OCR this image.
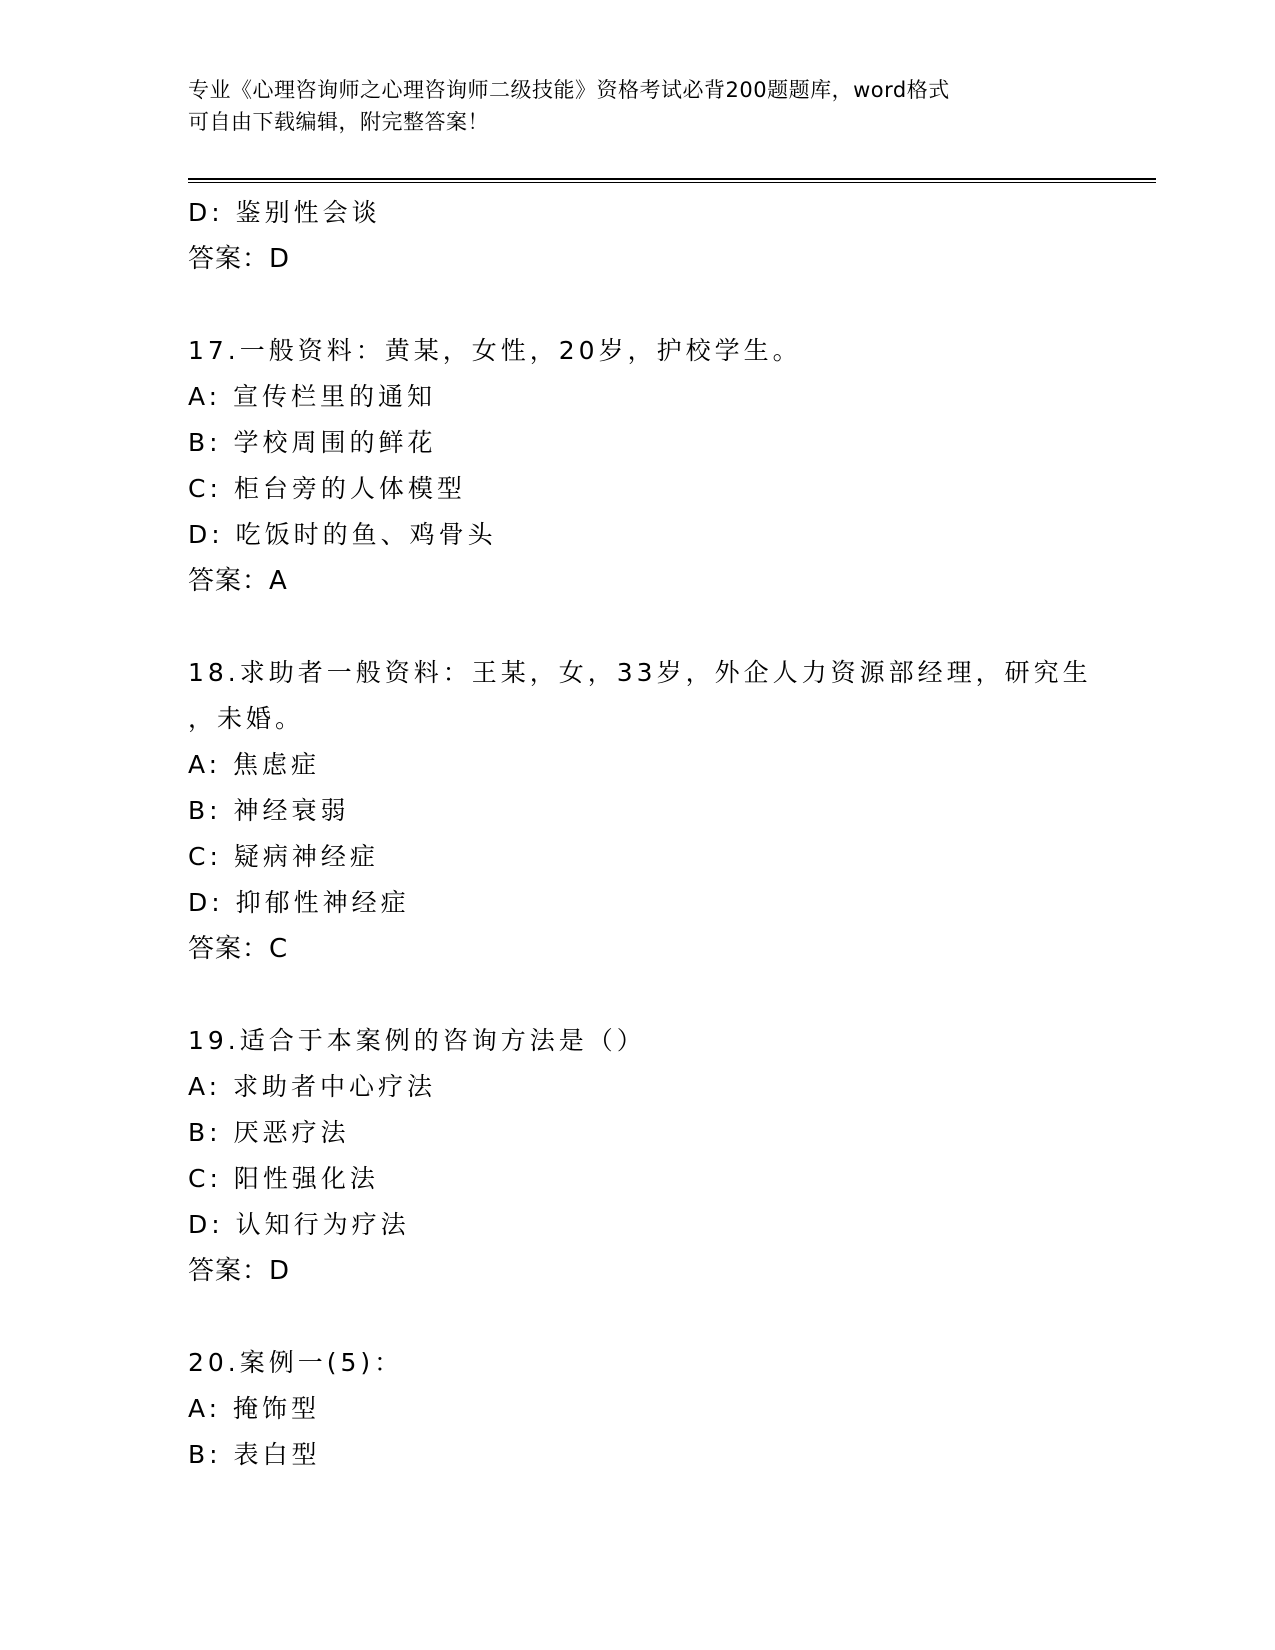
专业《心理咨询师之心理咨询师二级技能》资格考试必背200题题库，word格式
可自由下载编辑，附完整答案！
D: 鉴别性会谈
答案：D
17.一般资料：黄某，女性，20岁，护校学生。
A: 宣传栏里的通知
B: 学校周围的鲜花
C: 柜台旁的人体模型
D: 吃饭时的鱼、鸡骨头
答案：A
18.求助者一般资料：王某，女，33岁，外企人力资源部经理，研究生
，未婚。
A: 焦虑症
B: 神经衰弱
C: 疑病神经症
D: 抑郁性神经症
答案：C
19.适合于本案例的咨询方法是（）
A: 求助者中心疗法
B: 厌恶疗法
C: 阳性强化法
D: 认知行为疗法
答案：D
20.案例一(5)：
A: 掩饰型
B: 表白型
